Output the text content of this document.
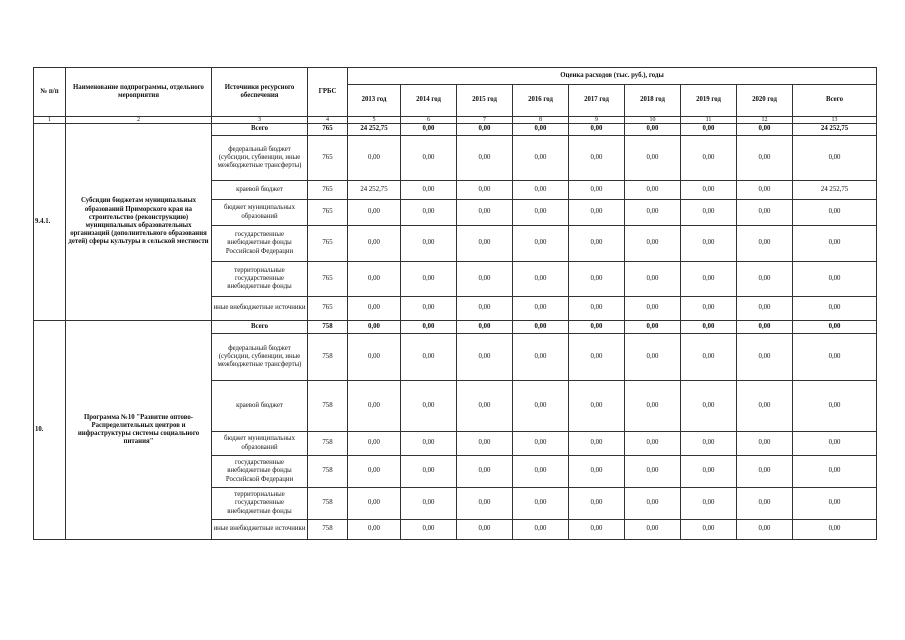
№ п/п	Наименование подпрограммы, отдельного мероприятия	Источники ресурсного обеспечения	ГРБС	Оценка расходов (тыс. руб.), годы								
				2013 год	2014 год	2015 год	2016 год	2017 год	2018 год	2019 год	2020 год	Всего
1	2	3	4	5	6	7	8	9	10	11	12	13
9.4.1.	Субсидии бюджетам муниципальных образований Приморского края на строительство (реконструкцию) муниципальных образовательных организаций (дополнительного образования детей) сферы культуры в сельской местности	Всего	765	24 252,75	0,00	0,00	0,00	0,00	0,00	0,00	0,00	24 252,75
		федеральный бюджет (субсидии, субвенции, иные межбюджетные трансферты)	765	0,00	0,00	0,00	0,00	0,00	0,00	0,00	0,00	0,00
		краевой бюджет	765	24 252,75	0,00	0,00	0,00	0,00	0,00	0,00	0,00	24 252,75
		бюджет муниципальных образований	765	0,00	0,00	0,00	0,00	0,00	0,00	0,00	0,00	0,00
		государственные внебюджетные фонды Российской Федерации	765	0,00	0,00	0,00	0,00	0,00	0,00	0,00	0,00	0,00
		территориальные государственные внебюджетные фонды	765	0,00	0,00	0,00	0,00	0,00	0,00	0,00	0,00	0,00
		иные внебюджетные источники	765	0,00	0,00	0,00	0,00	0,00	0,00	0,00	0,00	0,00
10.	Программа №10 "Развитие оптово-Распределительных центров и инфраструктуры системы социального питания"	Всего	758	0,00	0,00	0,00	0,00	0,00	0,00	0,00	0,00	0,00
		федеральный бюджет (субсидии, субвенции, иные межбюджетные трансферты)	758	0,00	0,00	0,00	0,00	0,00	0,00	0,00	0,00	0,00
		краевой бюджет	758	0,00	0,00	0,00	0,00	0,00	0,00	0,00	0,00	0,00
		бюджет муниципальных образований	758	0,00	0,00	0,00	0,00	0,00	0,00	0,00	0,00	0,00
		государственные внебюджетные фонды Российской Федерации	758	0,00	0,00	0,00	0,00	0,00	0,00	0,00	0,00	0,00
		территориальные государственные внебюджетные фонды	758	0,00	0,00	0,00	0,00	0,00	0,00	0,00	0,00	0,00
		иные внебюджетные источники	758	0,00	0,00	0,00	0,00	0,00	0,00	0,00	0,00	0,00
